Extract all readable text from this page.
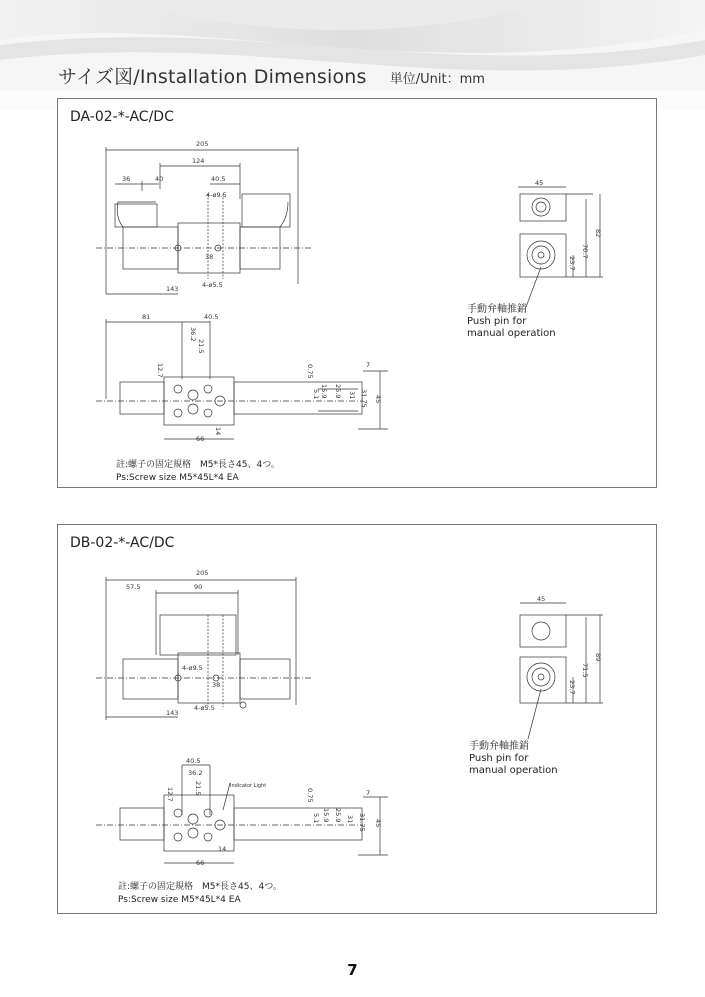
サイズ図/Installation Dimensions 単位/Unit：mm
DA-02-*-AC/DC
205
124
36	40	40.5
4-ø9.5
4-ø5.5
143
38
45
70.7
82
23.7
81	40.5
36.2
21.5
12.7	0.75	7
5.1 15.9 25.9 31 31.75 45
66
14
手動弁軸推銷
Push pin for
manual operation
註:螺子の固定規格　M5*長さ45、4つ。
Ps:Screw size M5*45L*4 EA
DB-02-*-AC/DC
205
57.5	90
4-ø9.5
4-ø5.5
38
143
45
71.5
89
23.7
40.5
36.2
21.5
12.7
Indicator Light
0.75	7
5.1 15.9 25.9 31 31.75 45
66
14
手動弁軸推銷
Push pin for
manual operation
註:螺子の固定規格　M5*長さ45、4つ。
Ps:Screw size M5*45L*4 EA
7
